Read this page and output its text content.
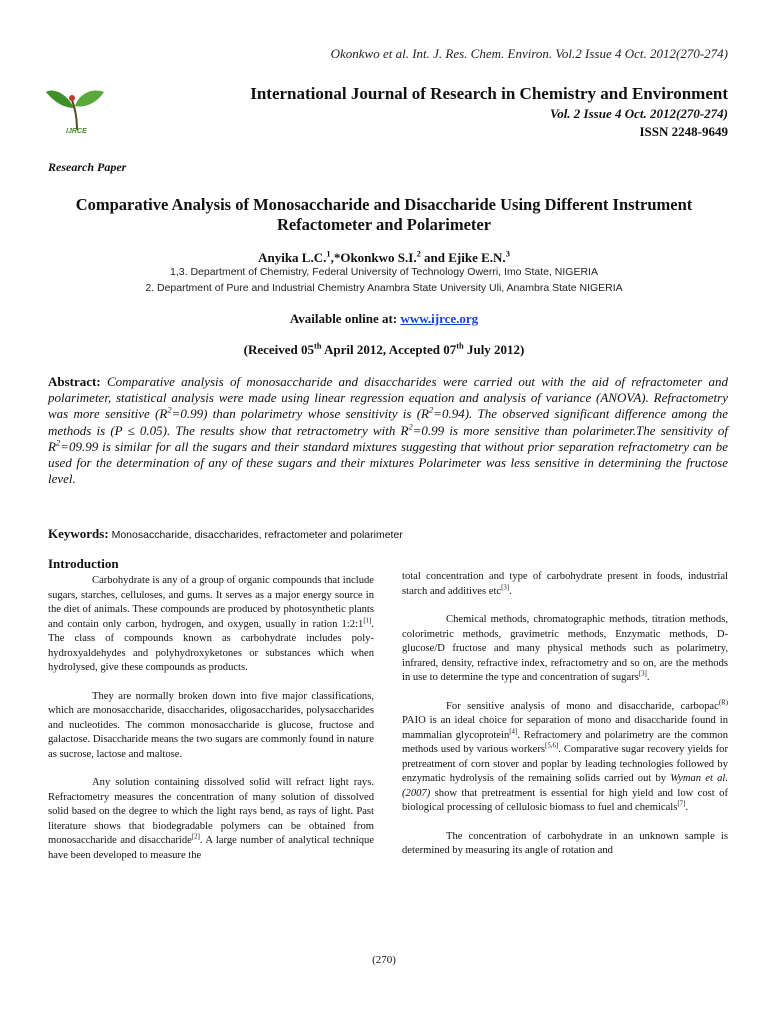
Okonkwo et al. Int. J. Res. Chem. Environ. Vol.2 Issue 4 Oct. 2012(270-274)
IJRCE
International Journal of Research in Chemistry and Environment
Vol. 2 Issue 4 Oct. 2012(270-274)
ISSN 2248-9649
Research Paper
Comparative Analysis of Monosaccharide and Disaccharide Using Different Instrument
Refactometer and Polarimeter
Anyika L.C.$^1$,*Okonkwo S.I.$^2$ and Ejike E.N.$^3$
1,3. Department of Chemistry, Federal University of Technology Owerri, Imo State, NIGERIA
2. Department of Pure and Industrial Chemistry Anambra State University Uli, Anambra State NIGERIA
Available online at: www.ijrce.org
(Received 05th April 2012, Accepted 07th July 2012)
Abstract: Comparative analysis of monosaccharide and disaccharides were carried out with the aid of refractometer and polarimeter, statistical analysis were made using linear regression equation and analysis of variance (ANOVA). Refractometry was more sensitive $(R^2=0.99)$ than polarimetry whose sensitivity is $(R^2=0.94)$. The observed significant difference among the methods is (P ≤ 0.05). The results show that retractometry with $R^2=0.99$ is more sensitive than polarimeter.The sensitivity of $R^2=09.99$ is similar for all the sugars and their standard mixtures suggesting that without prior separation refractometry can be used for the determination of any of these sugars and their mixtures Polarimeter was less sensitive in determining the fructose level.
Keywords: Monosaccharide, disaccharides, refractometer and polarimeter
Introduction

Carbohydrate is any of a group of organic compounds that include sugars, starches, celluloses, and gums. It serves as a major energy source in the diet of animals. These compounds are produced by photosynthetic plants and contain only carbon, hydrogen, and oxygen, usually in ration 1:2:1[1]. The class of compounds known as carbohydrate includes poly- hydroxyaldehydes and polyhydroxyketones or substances which when hydrolysed, give these compounds as products.

They are normally broken down into five major classifications, which are monosaccharide, disaccharides, oligosaccharides, polysaccharides and nucleotides. The common monosaccharide is glucose, fructose and galactose. Disaccharide means the two sugars are commonly found in nature as sucrose, lactose and maltose.

Any solution containing dissolved solid will refract light rays. Refractometry measures the concentration of many solution of dissolved solid based on the degree to which the light rays bend, as rays of light. Past literature shows that biodegradable polymers can be obtained from monosaccharide and disaccharide[2]. A large number of analytical technique have been developed to measure the

total concentration and type of carbohydrate present in foods, industrial starch and additives etc[3].

Chemical methods, chromatographic methods, titration methods, colorimetric methods, gravimetric methods, Enzymatic methods, D-glucose/D fructose and many physical methods such as polarimetry, infrared, density, refractive index, refractometry and so on, are the methods in use to determine the type and concentration of sugars[3].

For sensitive analysis of mono and disaccharide, carbopac$^{(R)}$ PAIO is an ideal choice for separation of mono and disaccharide found in mammalian glycoprotein[4]. Refractomery and polarimetry are the common methods used by various workers[5,6]. Comparative sugar recovery yields for pretreatment of corn stover and poplar by leading technologies followed by enzymatic hydrolysis of the remaining solids carried out by Wyman et al. (2007) show that pretreatment is essential for high yield and low cost of biological processing of cellulosic biomass to fuel and chemicals[7].

The concentration of carbohydrate in an unknown sample is determined by measuring its angle of rotation and

(270)
